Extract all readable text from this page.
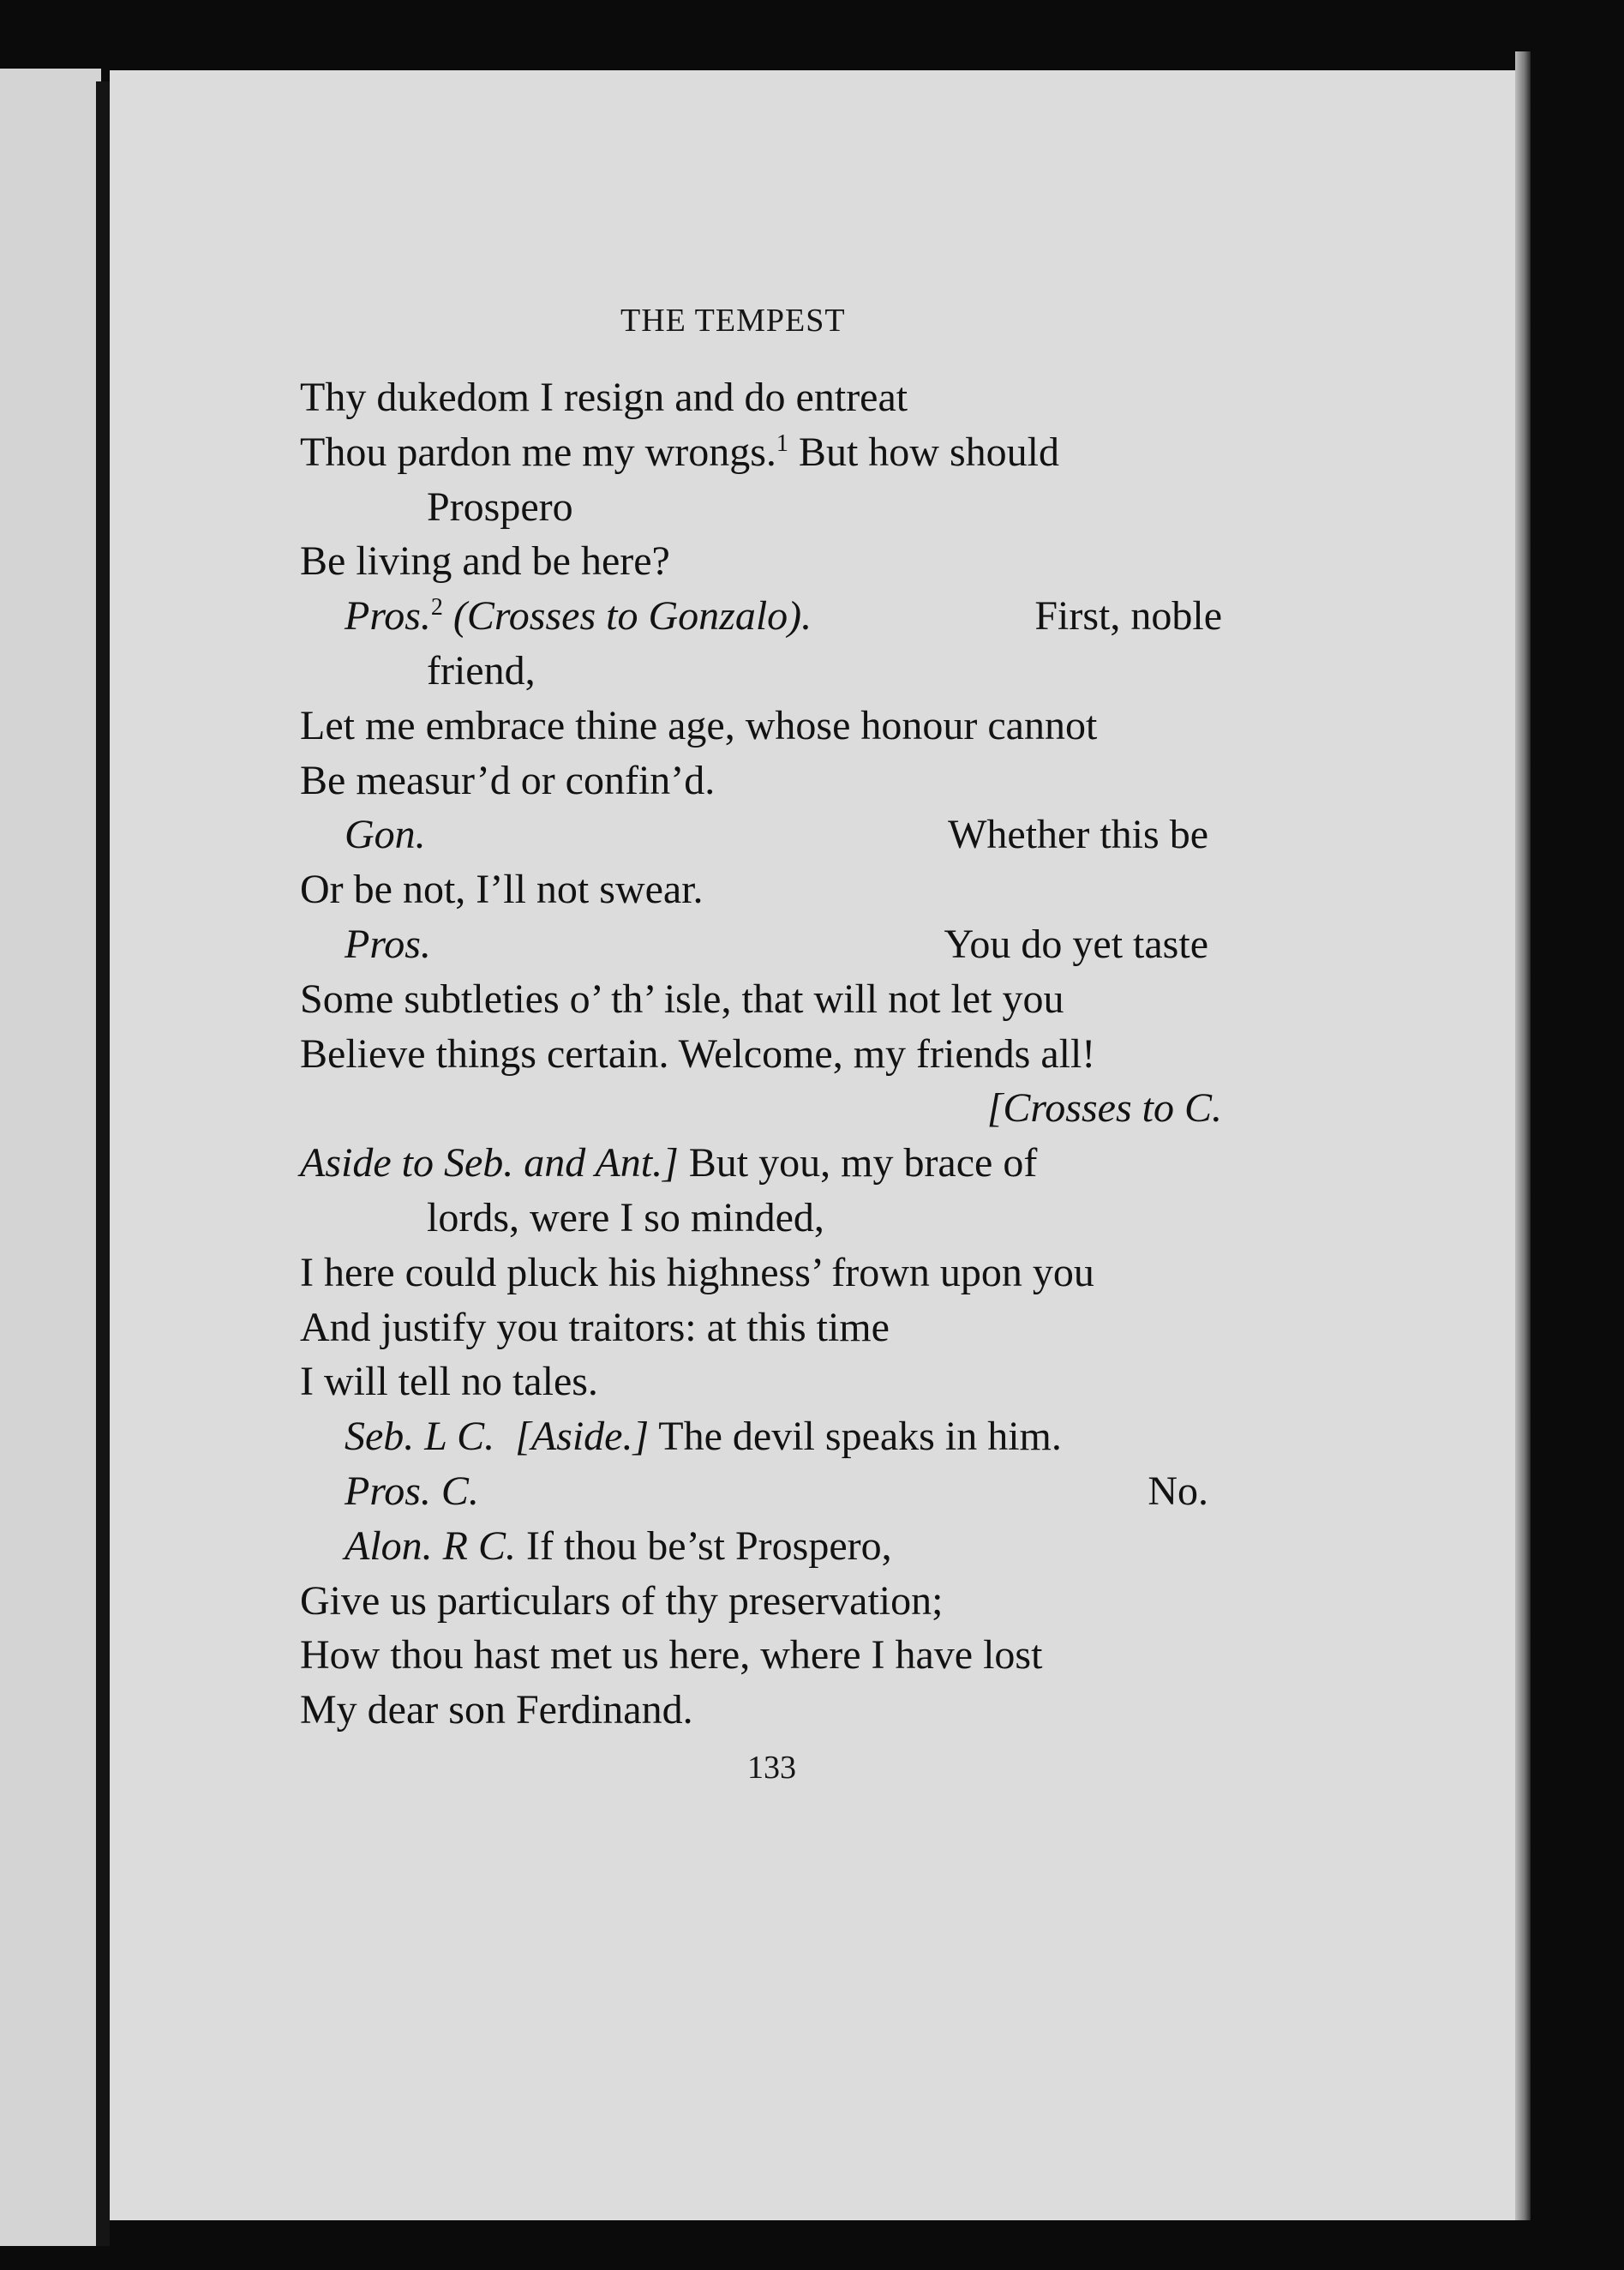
THE TEMPEST
Thy dukedom I resign and do entreat
Thou pardon me my wrongs.$^1$ But how should
Prospero
Be living and be here?
Pros.$^2$ (Crosses to Gonzalo).	First, noble
friend,
Let me embrace thine age, whose honour cannot
Be measur’d or confin’d.
Gon.	Whether this be
Or be not, I’ll not swear.
Pros.	You do yet taste
Some subtleties o’ th’ isle, that will not let you
Believe things certain. Welcome, my friends all!
[Crosses to C.
Aside to Seb. and Ant.] But you, my brace of
lords, were I so minded,
I here could pluck his highness’ frown upon you
And justify you traitors: at this time
I will tell no tales.
Seb. L C. [Aside.] The devil speaks in him.
Pros. C.	No.
Alon. R C. If thou be’st Prospero,
Give us particulars of thy preservation;
How thou hast met us here, where I have lost
My dear son Ferdinand.
133
